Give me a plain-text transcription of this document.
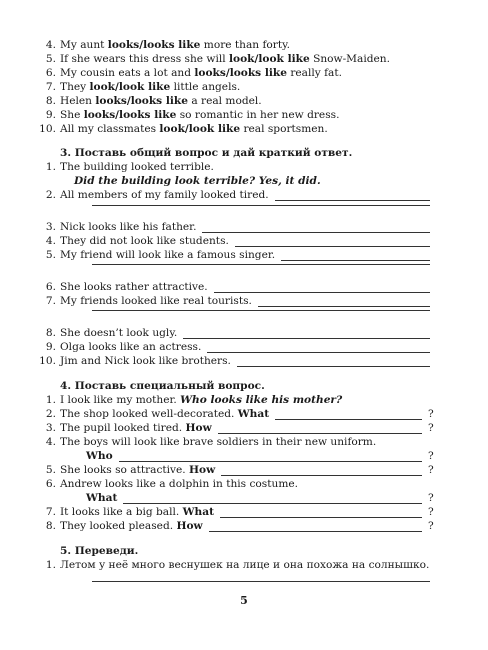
4. My aunt looks/looks like more than forty.
5. If she wears this dress she will look/look like Snow-Maiden.
6. My cousin eats a lot and looks/looks like really fat.
7. They look/look like little angels.
8. Helen looks/looks like a real model.
9. She looks/looks like so romantic in her new dress.
10. All my classmates look/look like real sportsmen.
3. Поставь общий вопрос и дай краткий ответ.
1. The building looked terrible.
Did the building look terrible? Yes, it did.
2. All members of my family looked tired.
3. Nick looks like his father.
4. They did not look like students.
5. My friend will look like a famous singer.
6. She looks rather attractive.
7. My friends looked like real tourists.
8. She doesn’t look ugly.
9. Olga looks like an actress.
10. Jim and Nick look like brothers.
4. Поставь специальный вопрос.
1. I look like my mother. Who looks like his mother?
2. The shop looked well-decorated. What	?
3. The pupil looked tired. How	?
4. The boys will look like brave soldiers in their new uniform.
Who	?
5. She looks so attractive. How	?
6. Andrew looks like a dolphin in this costume.
What	?
7. It looks like a big ball. What	?
8. They looked pleased. How	?
5. Переведи.
1. Летом у неё много веснушек на лице и она похожа на солнышко.
5
